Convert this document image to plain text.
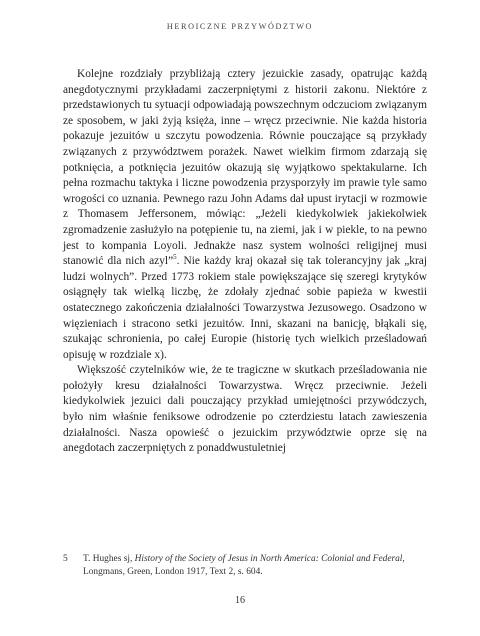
HEROICZNE PRZYWÓDZTWO

Kolejne rozdziały przybliżają cztery jezuickie zasady, opatrując każdą anegdotycznymi przykładami zaczerpniętymi z historii zakonu. Niektóre z przedstawionych tu sytuacji odpowiadają powszechnym odczuciom związanym ze sposobem, w jaki żyją księża, inne – wręcz przeciwnie. Nie każda historia pokazuje jezuitów u szczytu powodzenia. Równie pouczające są przykłady związanych z przywództwem porażek. Nawet wielkim firmom zdarzają się potknięcia, a potknięcia jezuitów okazują się wyjątkowo spektakularne. Ich pełna rozmachu taktyka i liczne powodzenia przysporzyły im prawie tyle samo wrogości co uznania. Pewnego razu John Adams dał upust irytacji w rozmowie z Thomasem Jeffersonem, mówiąc: „Jeżeli kiedykolwiek jakiekolwiek zgromadzenie zasłużyło na potępienie tu, na ziemi, jak i w piekle, to na pewno jest to kompania Loyoli. Jednakże nasz system wolności religijnej musi stanowić dla nich azyl”$^5$. Nie każdy kraj okazał się tak tolerancyjny jak „kraj ludzi wolnych”. Przed 1773 rokiem stale powiększające się szeregi krytyków osiągnęły tak wielką liczbę, że zdołały zjednać sobie papieża w kwestii ostatecznego zakończenia działalności Towarzystwa Jezusowego. Osadzono w więzieniach i stracono setki jezuitów. Inni, skazani na banicję, błąkali się, szukając schronienia, po całej Europie (historię tych wielkich prześladowań opisuję w rozdziale x).

Większość czytelników wie, że te tragiczne w skutkach prześladowania nie położyły kresu działalności Towarzystwa. Wręcz przeciwnie. Jeżeli kiedykolwiek jezuici dali pouczający przykład umiejętności przywódczych, było nim właśnie feniksowe odrodzenie po czterdziestu latach zawieszenia działalności. Nasza opowieść o jezuickim przywództwie oprze się na anegdotach zaczerpniętych z ponaddwustuletniej

5 T. Hughes sj, History of the Society of Jesus in North America: Colonial and Federal, Longmans, Green, London 1917, Text 2, s. 604.
16
